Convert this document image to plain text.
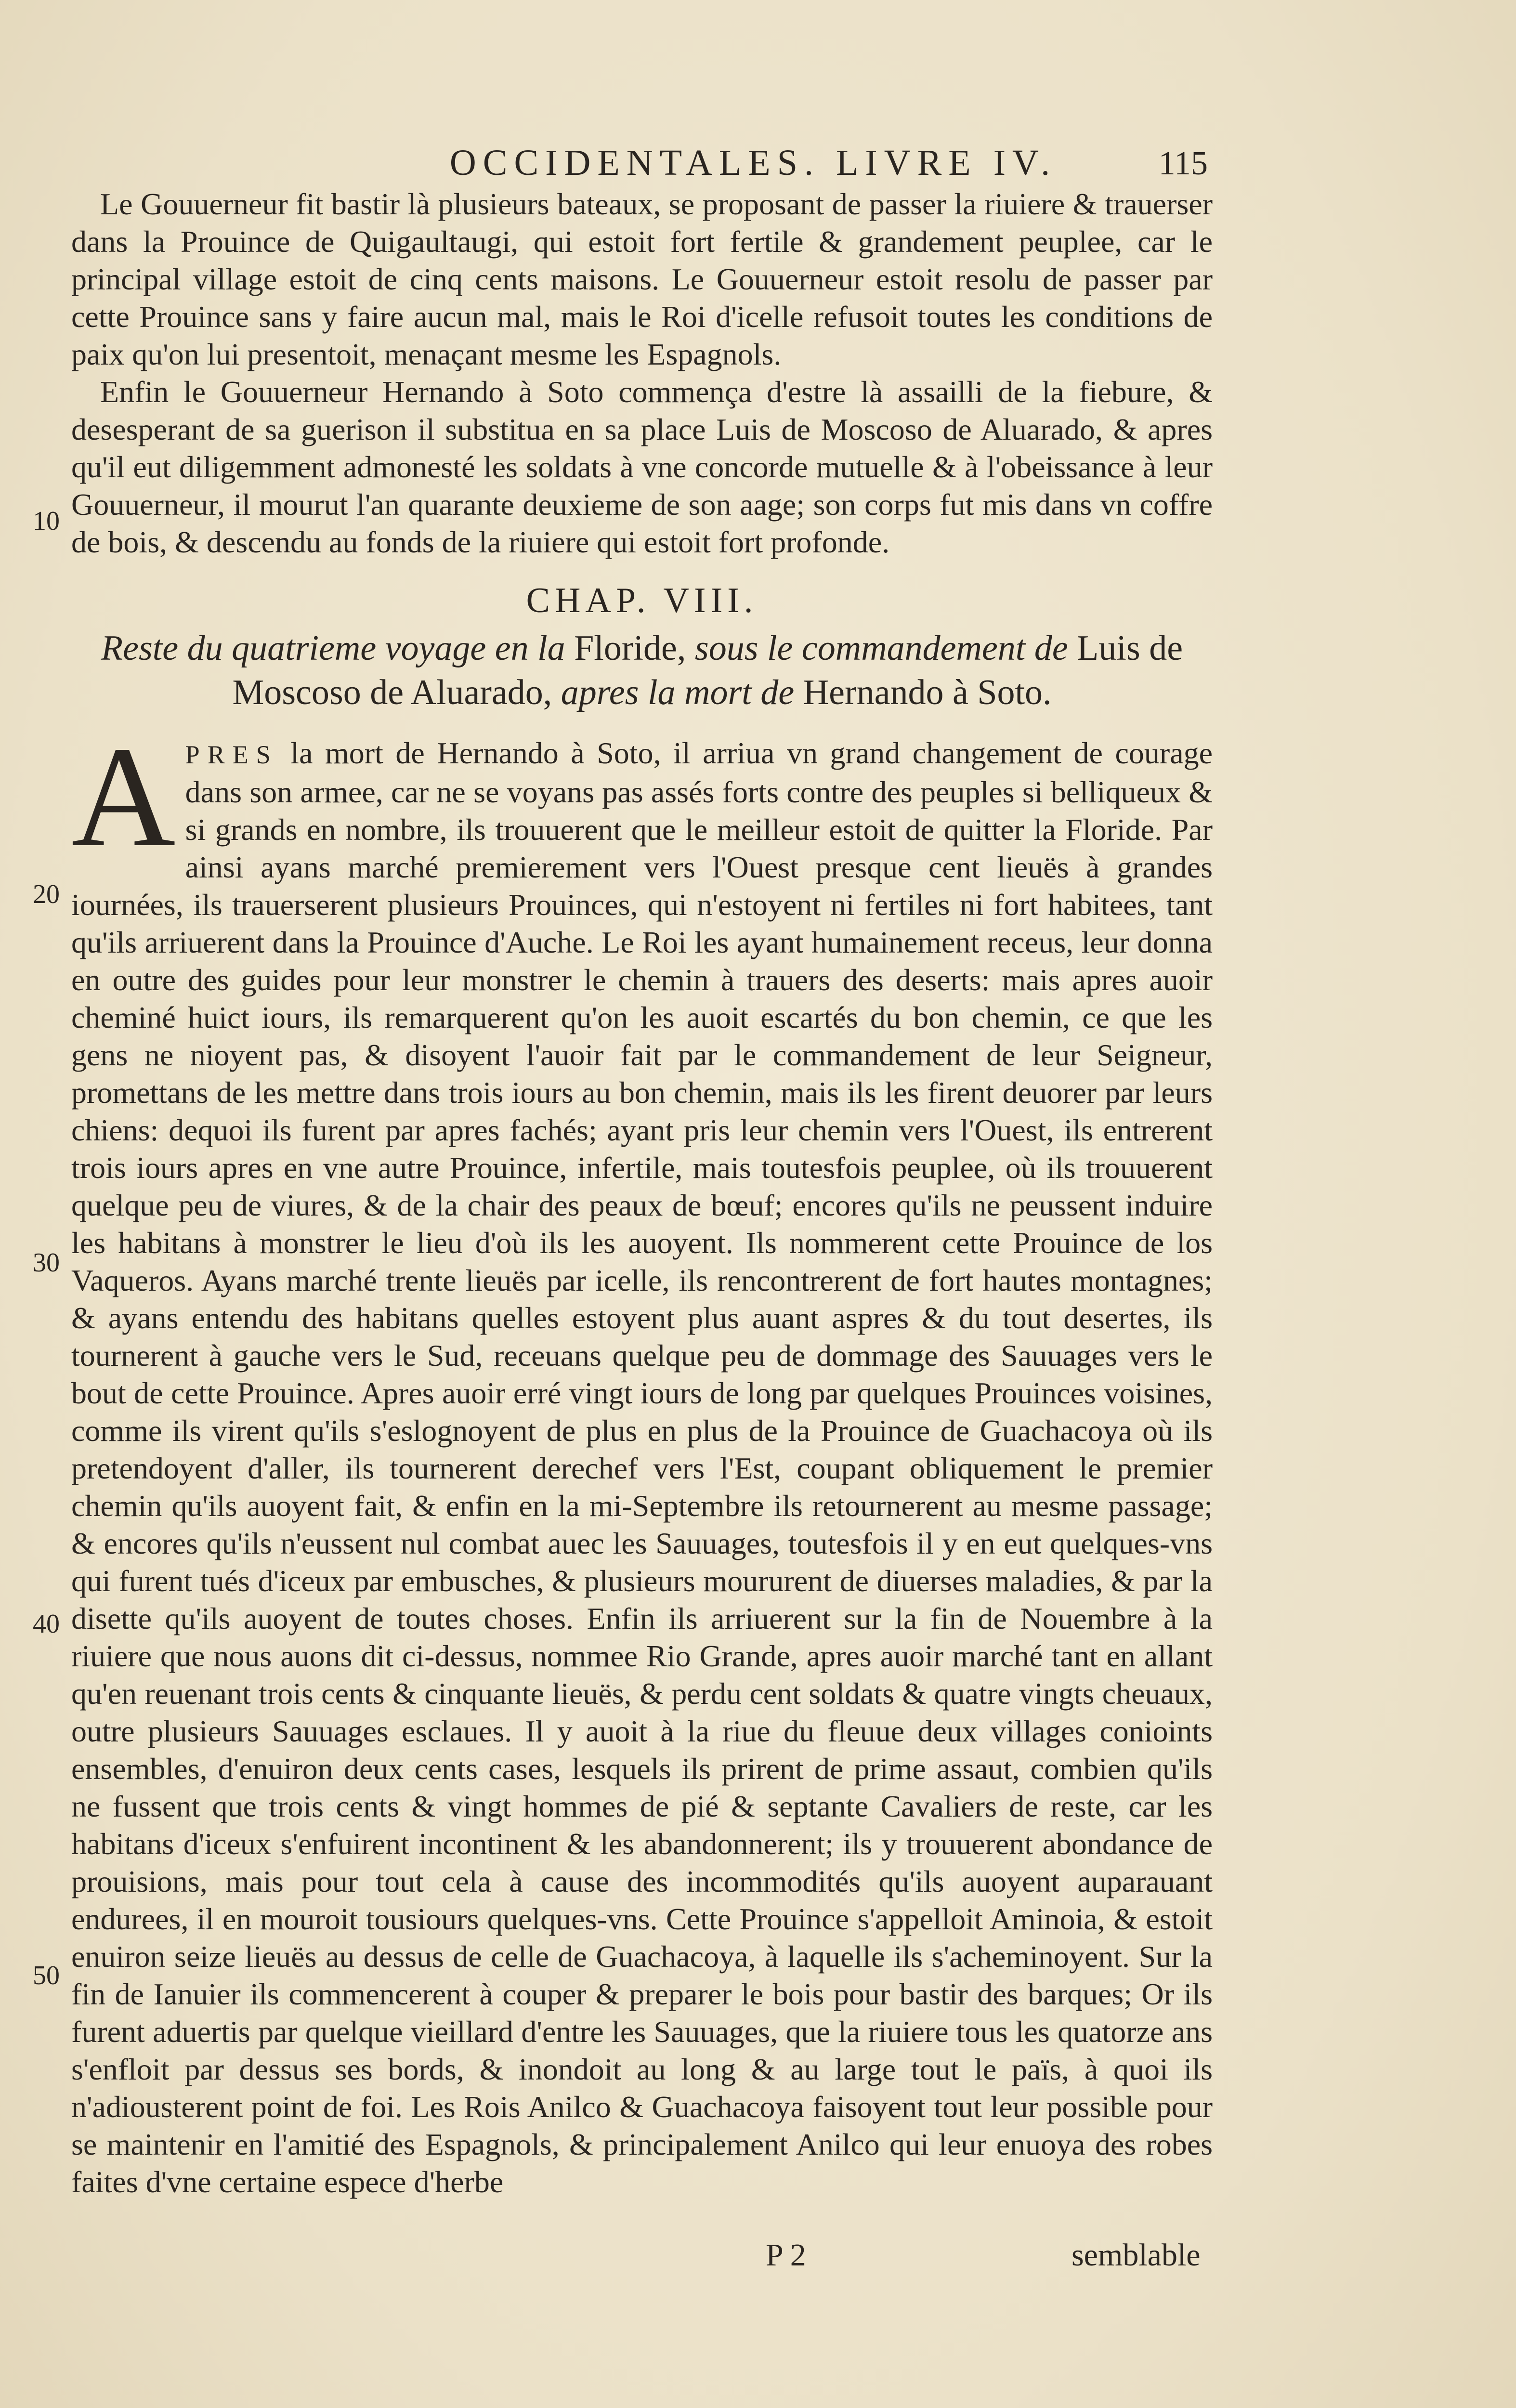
OCCIDENTALES. LIVRE IV.	115

Le Gouuerneur fit bastir là plusieurs bateaux, se proposant de passer la riuiere & trauerser dans la Prouince de Quigaultaugi, qui estoit fort fertile & grandement peuplee, car le principal village estoit de cinq cents maisons. Le Gouuerneur estoit resolu de passer par cette Prouince sans y faire aucun mal, mais le Roi d'icelle refusoit toutes les conditions de paix qu'on lui presentoit, menaçant mesme les Espagnols.

Enfin le Gouuerneur Hernando à Soto commença d'estre là assailli de la fiebure, & desesperant de sa guerison il substitua en sa place Luis de Moscoso de Aluarado, & apres qu'il eut diligemment admonesté les soldats à vne concorde mutuelle & à l'obeissance à leur Gouuerneur, il mourut l'an quarante deuxieme de son aage; son corps fut mis dans vn coffre de bois, & descendu au fonds de la riuiere qui estoit fort profonde.

10
20
30
40
50
CHAP. VIII.
Reste du quatrieme voyage en la Floride, sous le commandement de Luis de Moscoso de Aluarado, apres la mort de Hernando à Soto.
A PRES la mort de Hernando à Soto, il arriua vn grand changement de courage dans son armee, car ne se voyans pas assés forts contre des peuples si belliqueux & si grands en nombre, ils trouuerent que le meilleur estoit de quitter la Floride. Par ainsi ayans marché premierement vers l'Ouest presque cent lieuës à grandes iournées, ils trauerserent plusieurs Prouinces, qui n'estoyent ni fertiles ni fort habitees, tant qu'ils arriuerent dans la Prouince d'Auche. Le Roi les ayant humainement receus, leur donna en outre des guides pour leur monstrer le chemin à trauers des deserts: mais apres auoir cheminé huict iours, ils remarquerent qu'on les auoit escartés du bon chemin, ce que les gens ne nioyent pas, & disoyent l'auoir fait par le commandement de leur Seigneur, promettans de les mettre dans trois iours au bon chemin, mais ils les firent deuorer par leurs chiens: dequoi ils furent par apres fachés; ayant pris leur chemin vers l'Ouest, ils entrerent trois iours apres en vne autre Prouince, infertile, mais toutesfois peuplee, où ils trouuerent quelque peu de viures, & de la chair des peaux de bœuf; encores qu'ils ne peussent induire les habitans à monstrer le lieu d'où ils les auoyent. Ils nommerent cette Prouince de los Vaqueros. Ayans marché trente lieuës par icelle, ils rencontrerent de fort hautes montagnes; & ayans entendu des habitans quelles estoyent plus auant aspres & du tout desertes, ils tournerent à gauche vers le Sud, receuans quelque peu de dommage des Sauuages vers le bout de cette Prouince. Apres auoir erré vingt iours de long par quelques Prouinces voisines, comme ils virent qu'ils s'eslognoyent de plus en plus de la Prouince de Guachacoya où ils pretendoyent d'aller, ils tournerent derechef vers l'Est, coupant obliquement le premier chemin qu'ils auoyent fait, & enfin en la mi-Septembre ils retournerent au mesme passage; & encores qu'ils n'eussent nul combat auec les Sauuages, toutesfois il y en eut quelques-vns qui furent tués d'iceux par embusches, & plusieurs moururent de diuerses maladies, & par la disette qu'ils auoyent de toutes choses. Enfin ils arriuerent sur la fin de Nouembre à la riuiere que nous auons dit ci-dessus, nommee Rio Grande, apres auoir marché tant en allant qu'en reuenant trois cents & cinquante lieuës, & perdu cent soldats & quatre vingts cheuaux, outre plusieurs Sauuages esclaues. Il y auoit à la riue du fleuue deux villages conioints ensembles, d'enuiron deux cents cases, lesquels ils prirent de prime assaut, combien qu'ils ne fussent que trois cents & vingt hommes de pié & septante Cavaliers de reste, car les habitans d'iceux s'enfuirent incontinent & les abandonnerent; ils y trouuerent abondance de prouisions, mais pour tout cela à cause des incommodités qu'ils auoyent auparauant endurees, il en mouroit tousiours quelques-vns. Cette Prouince s'appelloit Aminoia, & estoit enuiron seize lieuës au dessus de celle de Guachacoya, à laquelle ils s'acheminoyent. Sur la fin de Ianuier ils commencerent à couper & preparer le bois pour bastir des barques; Or ils furent aduertis par quelque vieillard d'entre les Sauuages, que la riuiere tous les quatorze ans s'enfloit par dessus ses bords, & inondoit au long & au large tout le païs, à quoi ils n'adiousterent point de foi. Les Rois Anilco & Guachacoya faisoyent tout leur possible pour se maintenir en l'amitié des Espagnols, & principalement Anilco qui leur enuoya des robes faites d'vne certaine espece d'herbe
P 2	semblable
